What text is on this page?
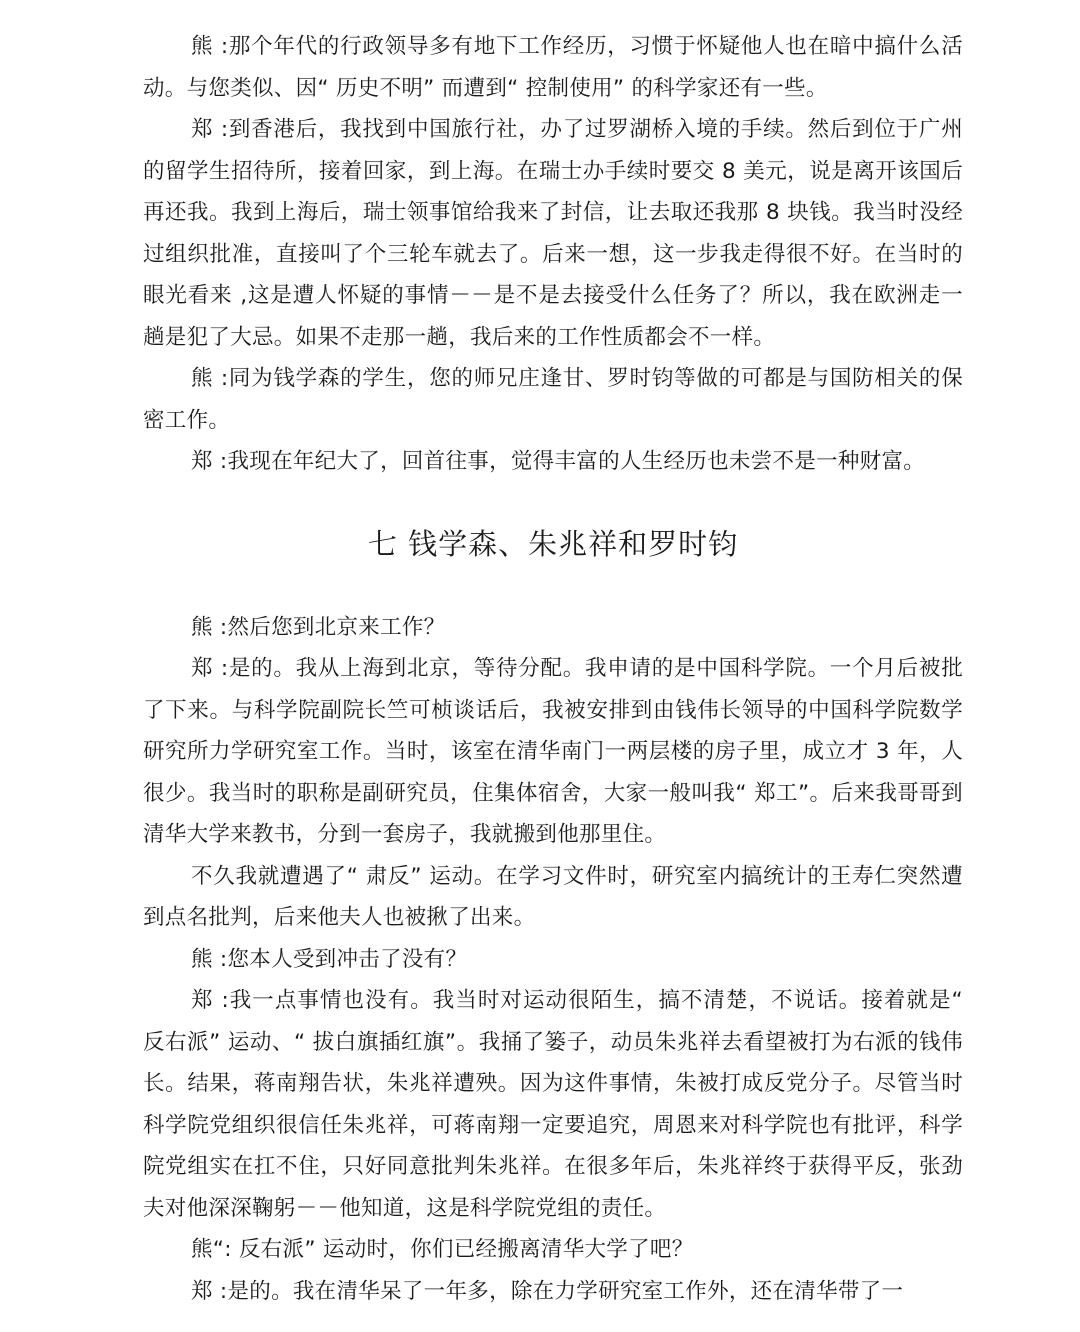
熊 :那个年代的行政领导多有地下工作经历，习惯于怀疑他人也在暗中搞什么活动。与您类似、因“ 历史不明” 而遭到“ 控制使用” 的科学家还有一些。

郑 :到香港后，我找到中国旅行社，办了过罗湖桥入境的手续。然后到位于广州的留学生招待所，接着回家，到上海。在瑞士办手续时要交 8 美元，说是离开该国后再还我。我到上海后，瑞士领事馆给我来了封信，让去取还我那 8 块钱。我当时没经过组织批准，直接叫了个三轮车就去了。后来一想，这一步我走得很不好。在当时的眼光看来 ,这是遭人怀疑的事情－－是不是去接受什么任务了？所以，我在欧洲走一趟是犯了大忌。如果不走那一趟，我后来的工作性质都会不一样。

熊 :同为钱学森的学生，您的师兄庄逢甘、罗时钧等做的可都是与国防相关的保密工作。

郑 :我现在年纪大了，回首往事，觉得丰富的人生经历也未尝不是一种财富。

七 钱学森、朱兆祥和罗时钧

熊 :然后您到北京来工作？

郑 :是的。我从上海到北京，等待分配。我申请的是中国科学院。一个月后被批了下来。与科学院副院长竺可桢谈话后，我被安排到由钱伟长领导的中国科学院数学研究所力学研究室工作。当时，该室在清华南门一两层楼的房子里，成立才 3 年，人很少。我当时的职称是副研究员，住集体宿舍，大家一般叫我“ 郑工”。后来我哥哥到清华大学来教书，分到一套房子，我就搬到他那里住。

不久我就遭遇了“ 肃反” 运动。在学习文件时，研究室内搞统计的王寿仁突然遭到点名批判，后来他夫人也被揪了出来。

熊 :您本人受到冲击了没有？

郑 :我一点事情也没有。我当时对运动很陌生，搞不清楚，不说话。接着就是“ 反右派” 运动、“ 拔白旗插红旗”。我捅了篓子，动员朱兆祥去看望被打为右派的钱伟长。结果，蒋南翔告状，朱兆祥遭殃。因为这件事情，朱被打成反党分子。尽管当时科学院党组织很信任朱兆祥，可蒋南翔一定要追究，周恩来对科学院也有批评，科学院党组实在扛不住，只好同意批判朱兆祥。在很多年后，朱兆祥终于获得平反，张劲夫对他深深鞠躬－－他知道，这是科学院党组的责任。

熊“: 反右派” 运动时，你们已经搬离清华大学了吧？

郑 :是的。我在清华呆了一年多，除在力学研究室工作外，还在清华带了一
